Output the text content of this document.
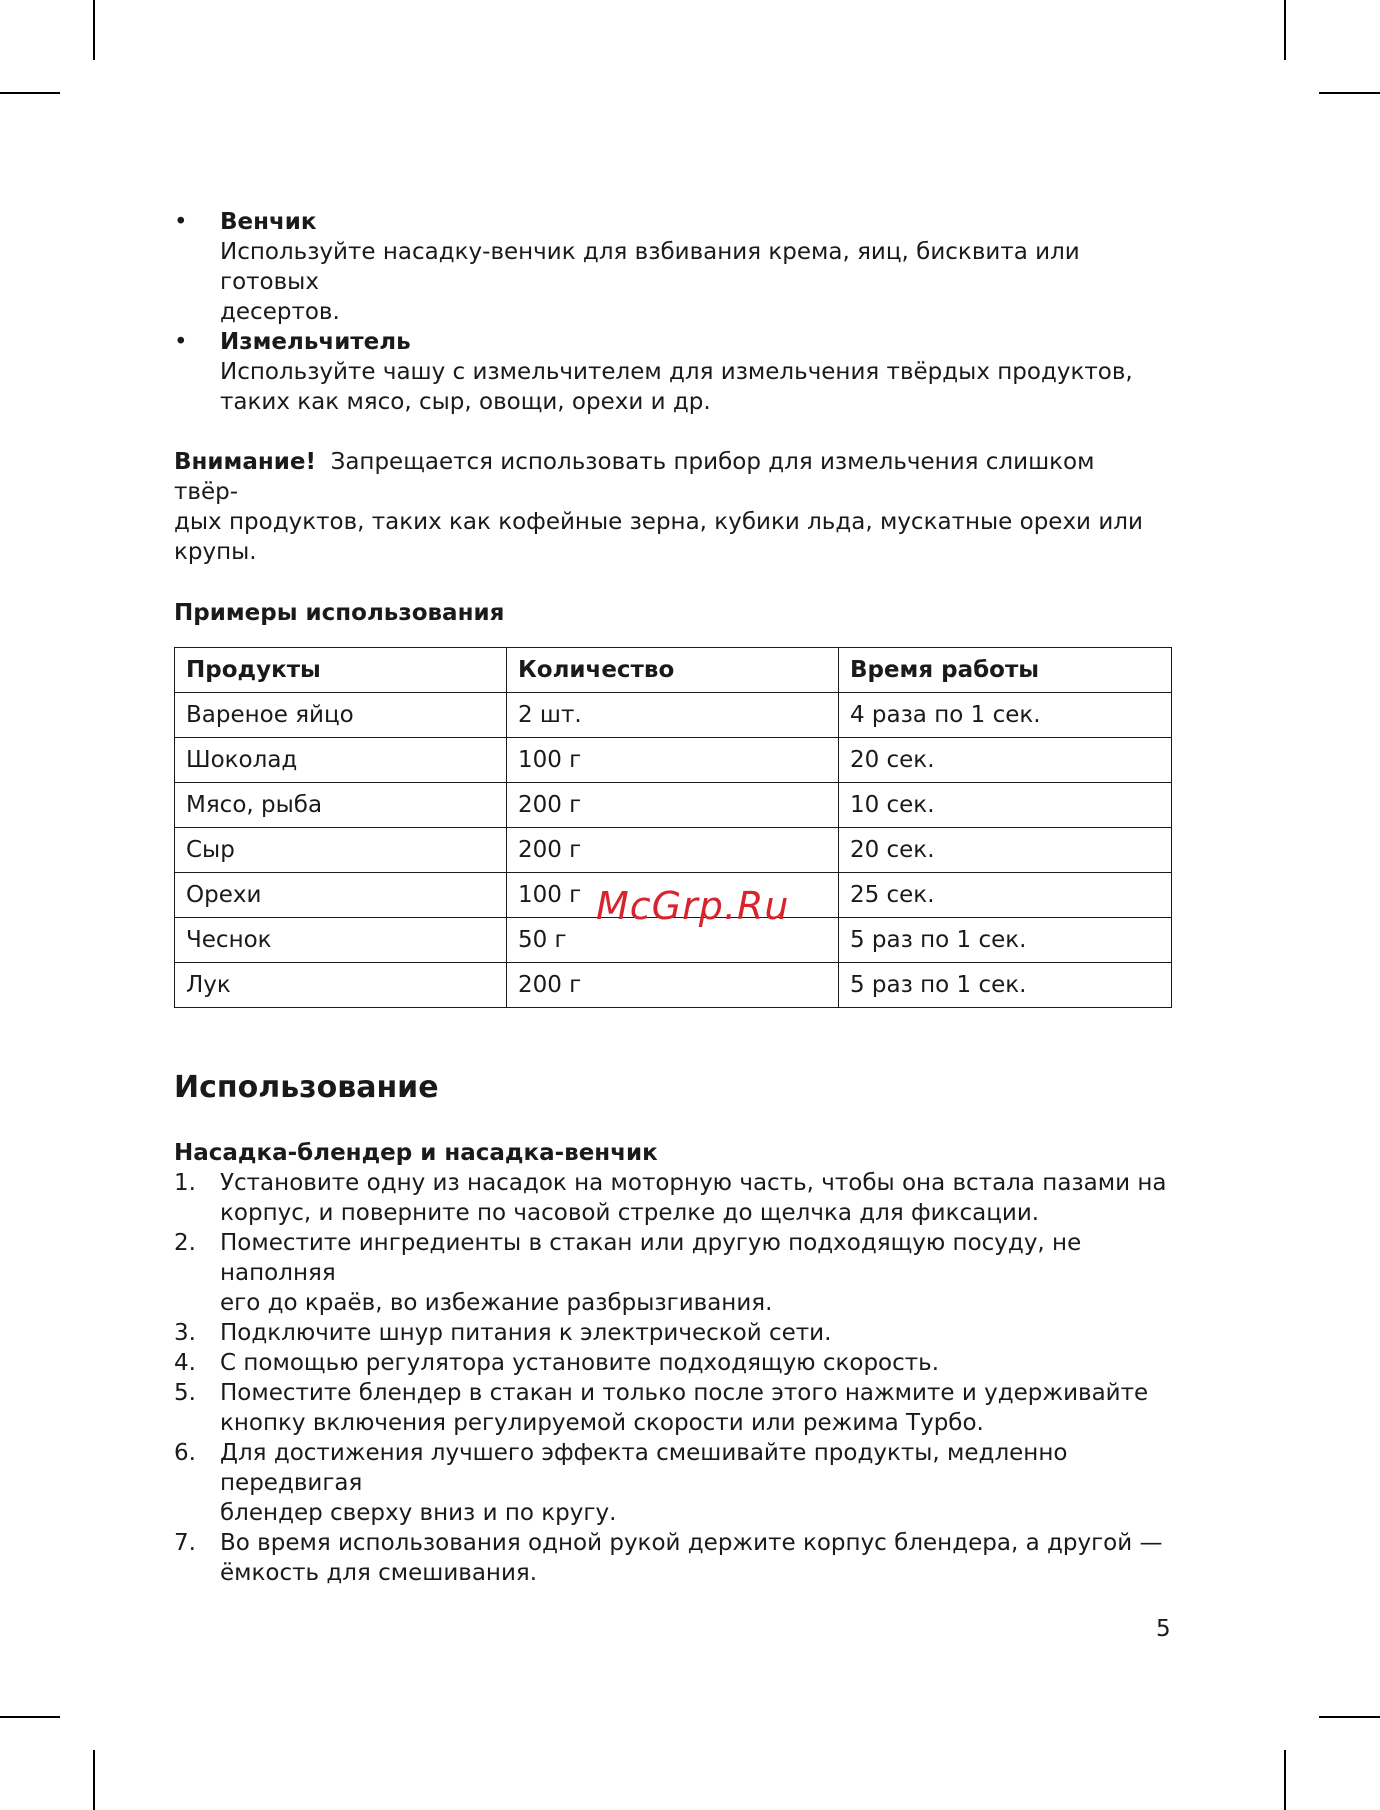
• Венчик
Используйте насадку-венчик для взбивания крема, яиц, бисквита или готовых
десертов.
• Измельчитель
Используйте чашу с измельчителем для измельчения твёрдых продуктов,
таких как мясо, сыр, овощи, орехи и др.
Внимание! Запрещается использовать прибор для измельчения слишком твёр-
дых продуктов, таких как кофейные зерна, кубики льда, мускатные орехи или
крупы.
Примеры использования
Продукты	Количество	Время работы
Вареное яйцо	2 шт.	4 раза по 1 сек.
Шоколад	100 г	20 сек.
Мясо, рыба	200 г	10 сек.
Сыр	200 г	20 сек.
Орехи	100 г	25 сек.
Чеснок	50 г	5 раз по 1 сек.
Лук	200 г	5 раз по 1 сек.
McGrp.Ru
Использование
Насадка-блендер и насадка-венчик
1. Установите одну из насадок на моторную часть, чтобы она встала пазами на
корпус, и поверните по часовой стрелке до щелчка для фиксации.
2. Поместите ингредиенты в стакан или другую подходящую посуду, не наполняя
его до краёв, во избежание разбрызгивания.
3. Подключите шнур питания к электрической сети.
4. С помощью регулятора установите подходящую скорость.
5. Поместите блендер в стакан и только после этого нажмите и удерживайте
кнопку включения регулируемой скорости или режима Турбо.
6. Для достижения лучшего эффекта смешивайте продукты, медленно передвигая
блендер сверху вниз и по кругу.
7. Во время использования одной рукой держите корпус блендера, а другой —
ёмкость для смешивания.
5
